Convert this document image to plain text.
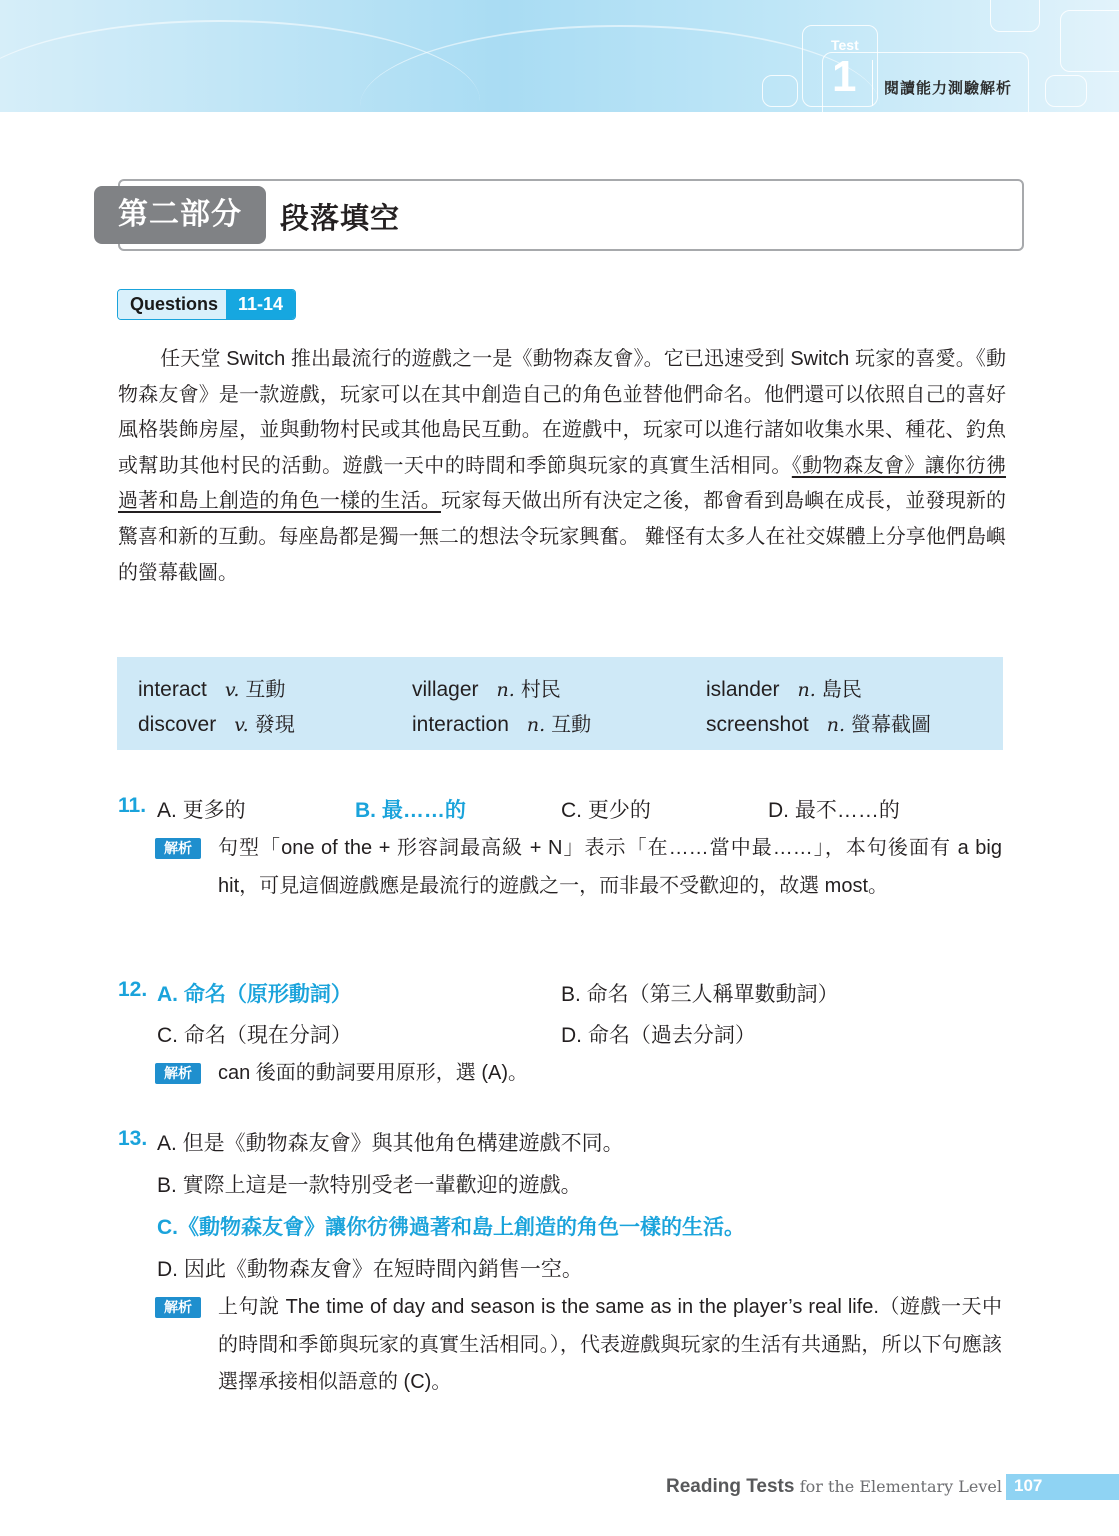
Test
1 閱讀能力測驗解析
第二部分	段落填空
Questions	11-14
任天堂 Switch 推出最流行的遊戲之一是《動物森友會》。它已迅速受到 Switch 玩家的喜愛。《動物森友會》是一款遊戲，玩家可以在其中創造自己的角色並替他們命名。他們還可以依照自己的喜好風格裝飾房屋，並與動物村民或其他島民互動。在遊戲中，玩家可以進行諸如收集水果、種花、釣魚或幫助其他村民的活動。遊戲一天中的時間和季節與玩家的真實生活相同。《動物森友會》讓你彷彿過著和島上創造的角色一樣的生活。玩家每天做出所有決定之後，都會看到島嶼在成長，並發現新的驚喜和新的互動。每座島都是獨一無二的想法令玩家興奮。 難怪有太多人在社交媒體上分享他們島嶼的螢幕截圖。
interact v. 互動	villager n. 村民	islander n. 島民
discover v. 發現	interaction n. 互動	screenshot n. 螢幕截圖
11. A. 更多的	B. 最……的	C. 更少的	D. 最不……的
解析	句型「one of the + 形容詞最高級 + N」表示「在……當中最……」，本句後面有 a big hit，可見這個遊戲應是最流行的遊戲之一，而非最不受歡迎的，故選 most。
12. A. 命名（原形動詞）	B. 命名（第三人稱單數動詞）
C. 命名（現在分詞）	D. 命名（過去分詞）
解析	can 後面的動詞要用原形，選 (A)。
13. A. 但是《動物森友會》與其他角色構建遊戲不同。
B. 實際上這是一款特別受老一輩歡迎的遊戲。
C.《動物森友會》讓你彷彿過著和島上創造的角色一樣的生活。
D. 因此《動物森友會》在短時間內銷售一空。
解析	上句說 The time of day and season is the same as in the player’s real life.（遊戲一天中的時間和季節與玩家的真實生活相同。），代表遊戲與玩家的生活有共通點，所以下句應該選擇承接相似語意的 (C)。
Reading Tests for the Elementary Level 107
